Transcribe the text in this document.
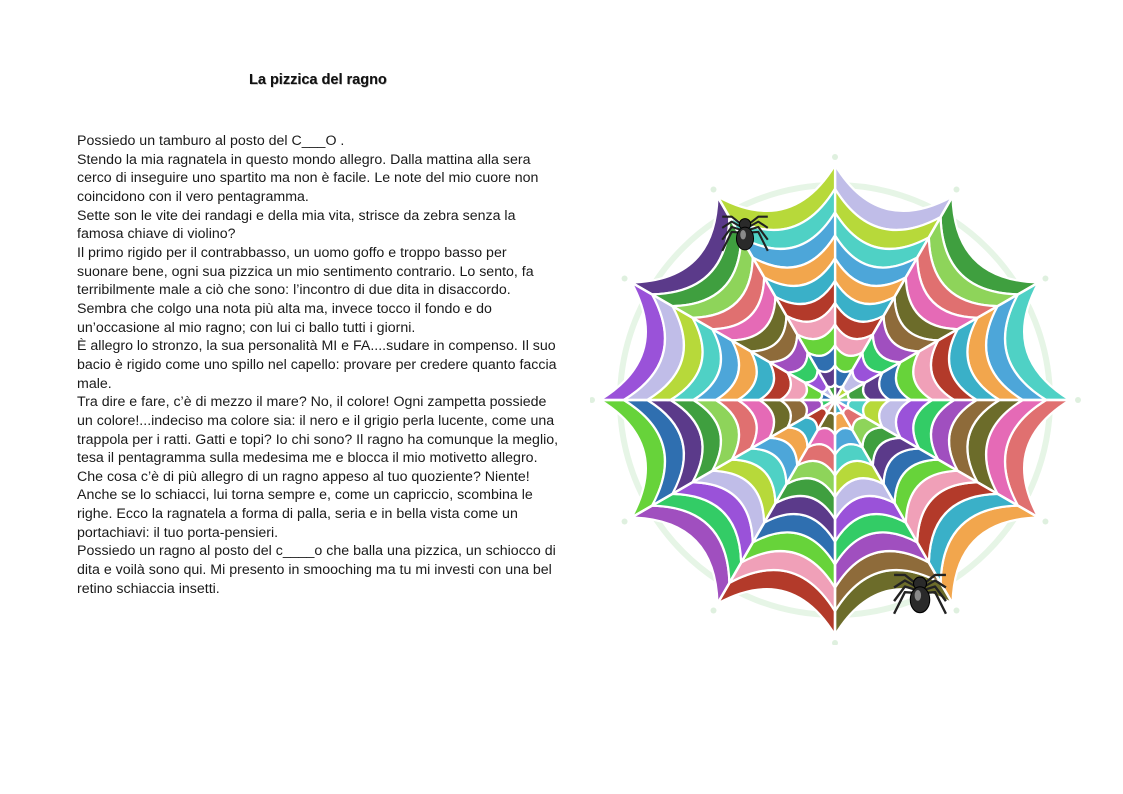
La pizzica del ragno
Possiedo un tamburo al posto del C___O .
Stendo la mia ragnatela in questo mondo allegro. Dalla mattina alla sera
cerco di inseguire uno spartito ma non è facile. Le note del mio cuore non
coincidono con il vero pentagramma.
Sette son le vite dei randagi e della mia vita, strisce da zebra senza la
famosa chiave di violino?
Il primo rigido per il contrabbasso, un uomo goffo e troppo basso per
suonare bene, ogni sua pizzica un mio sentimento contrario. Lo sento, fa
terribilmente male a ciò che sono: l’incontro di due dita in disaccordo.
Sembra che colgo una nota più alta ma, invece tocco il fondo e do
un’occasione al mio ragno; con lui ci ballo tutti i giorni.
È allegro lo stronzo, la sua personalità MI e FA....sudare in compenso. Il suo
bacio è rigido come uno spillo nel capello: provare per credere quanto faccia
male.
Tra dire e fare, c’è di mezzo il mare? No, il colore! Ogni zampetta possiede
un colore!...indeciso ma colore sia: il nero e il grigio perla lucente, come una
trappola per i ratti. Gatti e topi? Io chi sono? Il ragno ha comunque la meglio,
tesa il pentagramma sulla medesima me e blocca il mio motivetto allegro.
Che cosa c’è di più allegro di un ragno appeso al tuo quoziente? Niente!
Anche se lo schiacci, lui torna sempre e, come un capriccio, scombina le
righe. Ecco la ragnatela a forma di palla, seria e in bella vista come un
portachiavi: il tuo porta-pensieri.
Possiedo un ragno al posto del c____o che balla una pizzica, un schiocco di
dita e voilà sono qui. Mi presento in smooching ma tu mi investi con una bel
retino schiaccia insetti.
